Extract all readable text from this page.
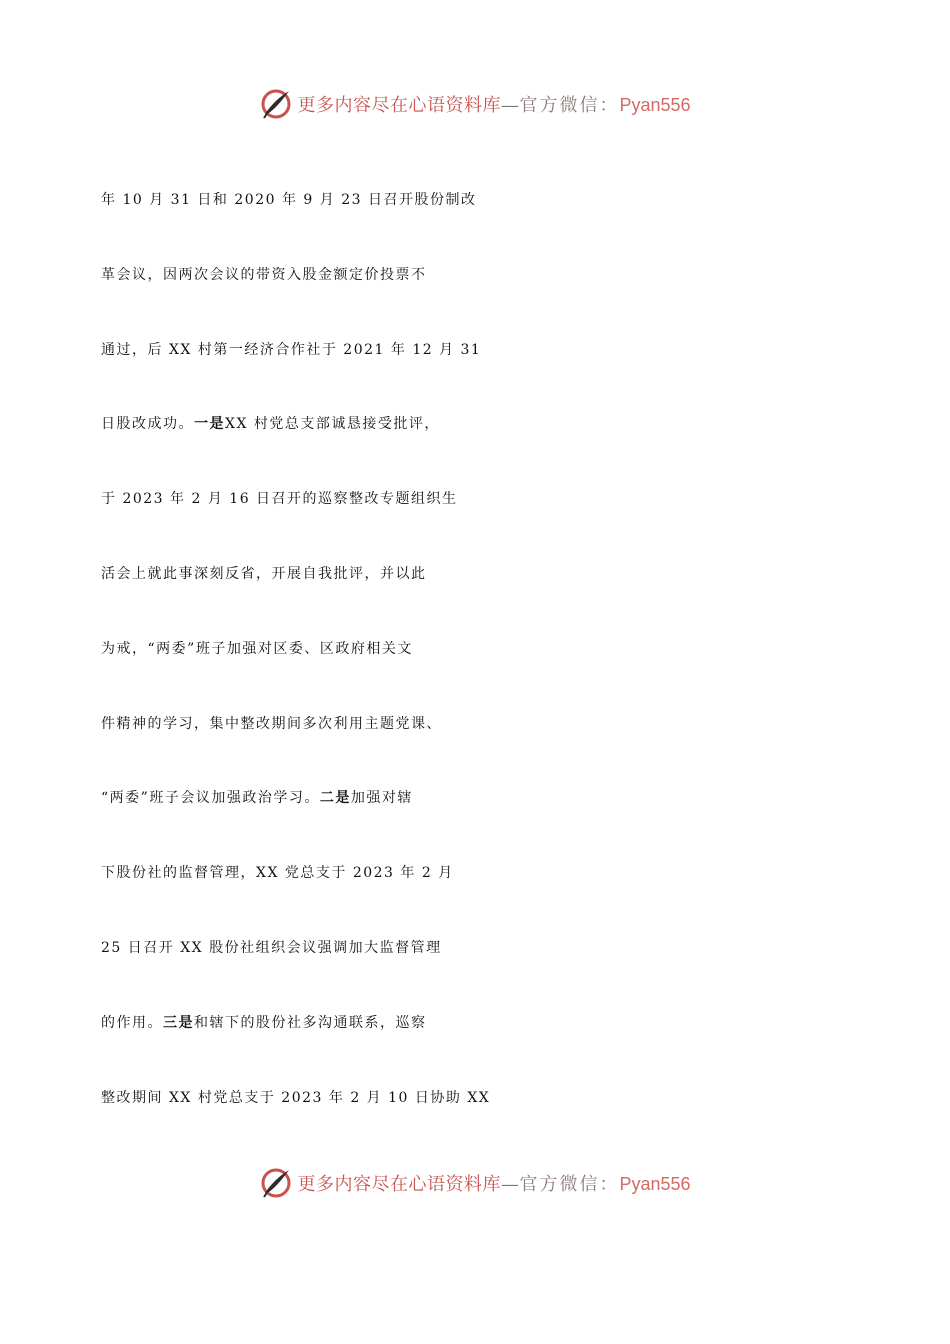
更多内容尽在心语资料库—官方微信：Pyan556
年 10 月 31 日和 2020 年 9 月 23 日召开股份制改
革会议，因两次会议的带资入股金额定价投票不
通过，后 XX 村第一经济合作社于 2021 年 12 月 31
日股改成功。一是XX 村党总支部诚恳接受批评，
于 2023 年 2 月 16 日召开的巡察整改专题组织生
活会上就此事深刻反省，开展自我批评，并以此
为戒，“两委”班子加强对区委、区政府相关文
件精神的学习，集中整改期间多次利用主题党课、
“两委”班子会议加强政治学习。二是加强对辖
下股份社的监督管理，XX 党总支于 2023 年 2 月
25 日召开 XX 股份社组织会议强调加大监督管理
的作用。三是和辖下的股份社多沟通联系，巡察
整改期间 XX 村党总支于 2023 年 2 月 10 日协助 XX
更多内容尽在心语资料库—官方微信：Pyan556
